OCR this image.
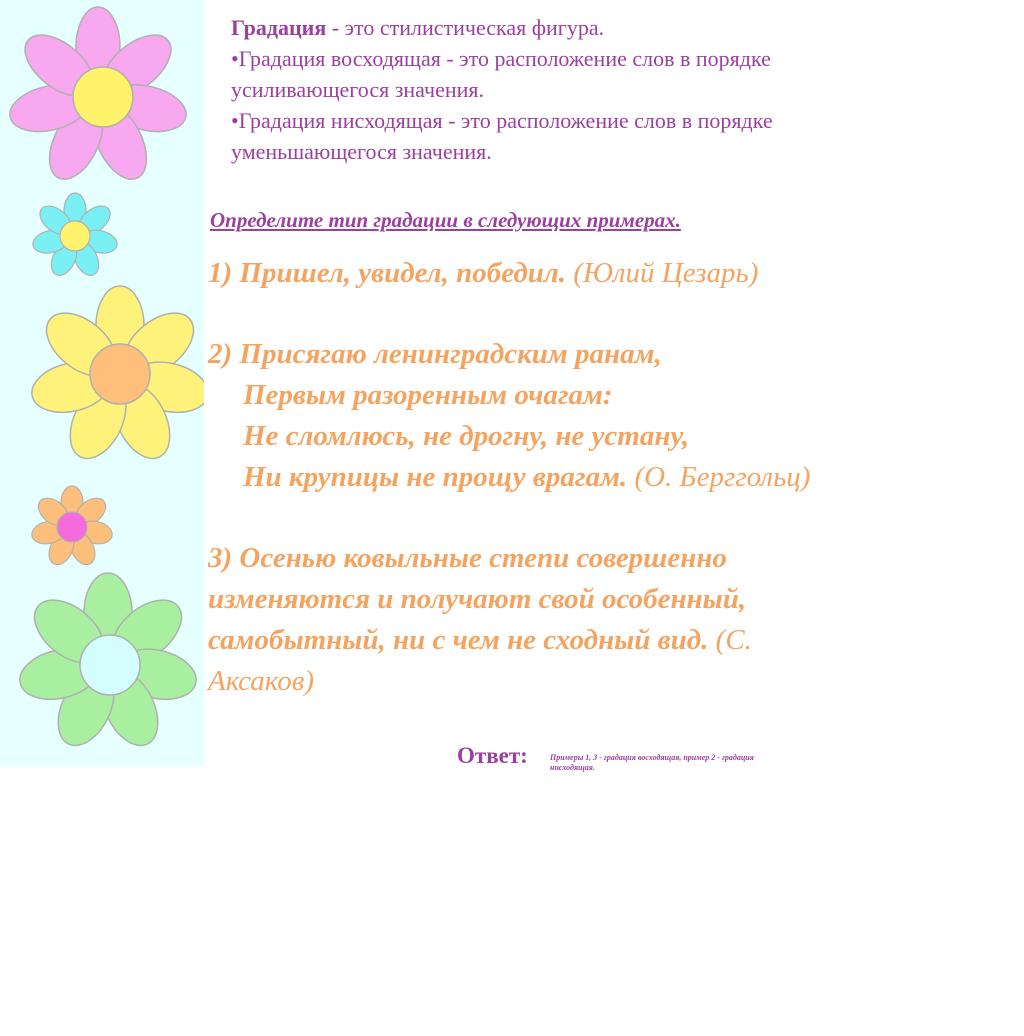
Градация - это стилистическая фигура.
•Градация восходящая - это расположение слов в порядке
усиливающегося значения.
•Градация нисходящая - это расположение слов в порядке
уменьшающегося значения.
Определите тип градации в следующих примерах.
1) Пришел, увидел, победил. (Юлий Цезарь)
2) Присягаю ленинградским ранам,
Первым разоренным очагам:
Не сломлюсь, не дрогну, не устану,
Ни крупицы не прощу врагам. (О. Берггольц)
3) Осенью ковыльные степи совершенно
изменяются и получают свой особенный,
самобытный, ни с чем не сходный вид. (С.
Аксаков)
Ответ:	Примеры 1, 3 - градация восходящая, пример 2 - градация нисходящая.
